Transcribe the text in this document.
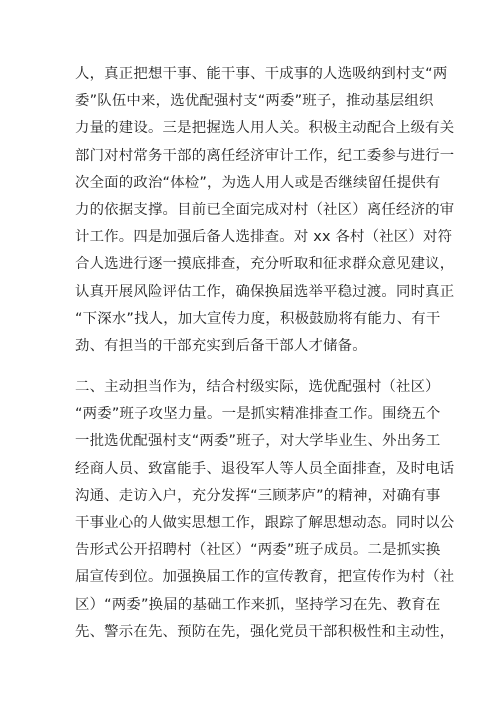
人，真正把想干事、能干事、干成事的人选吸纳到村支“两
委”队伍中来，选优配强村支“两委”班子，推动基层组织
力量的建设。三是把握选人用人关。积极主动配合上级有关
部门对村常务干部的离任经济审计工作，纪工委参与进行一
次全面的政治“体检”，为选人用人或是否继续留任提供有
力的依据支撑。目前已全面完成对村（社区）离任经济的审
计工作。四是加强后备人选排查。对 xx 各村（社区）对符
合人选进行逐一摸底排查，充分听取和征求群众意见建议，
认真开展风险评估工作，确保换届选举平稳过渡。同时真正
“下深水”找人，加大宣传力度，积极鼓励将有能力、有干
劲、有担当的干部充实到后备干部人才储备。
二、主动担当作为，结合村级实际，选优配强村（社区）
“两委”班子攻坚力量。一是抓实精准排查工作。围绕五个
一批选优配强村支“两委”班子，对大学毕业生、外出务工
经商人员、致富能手、退役军人等人员全面排查，及时电话
沟通、走访入户，充分发挥“三顾茅庐”的精神，对确有事
干事业心的人做实思想工作，跟踪了解思想动态。同时以公
告形式公开招聘村（社区）“两委”班子成员。二是抓实换
届宣传到位。加强换届工作的宣传教育，把宣传作为村（社
区）“两委”换届的基础工作来抓，坚持学习在先、教育在
先、警示在先、预防在先，强化党员干部积极性和主动性，
